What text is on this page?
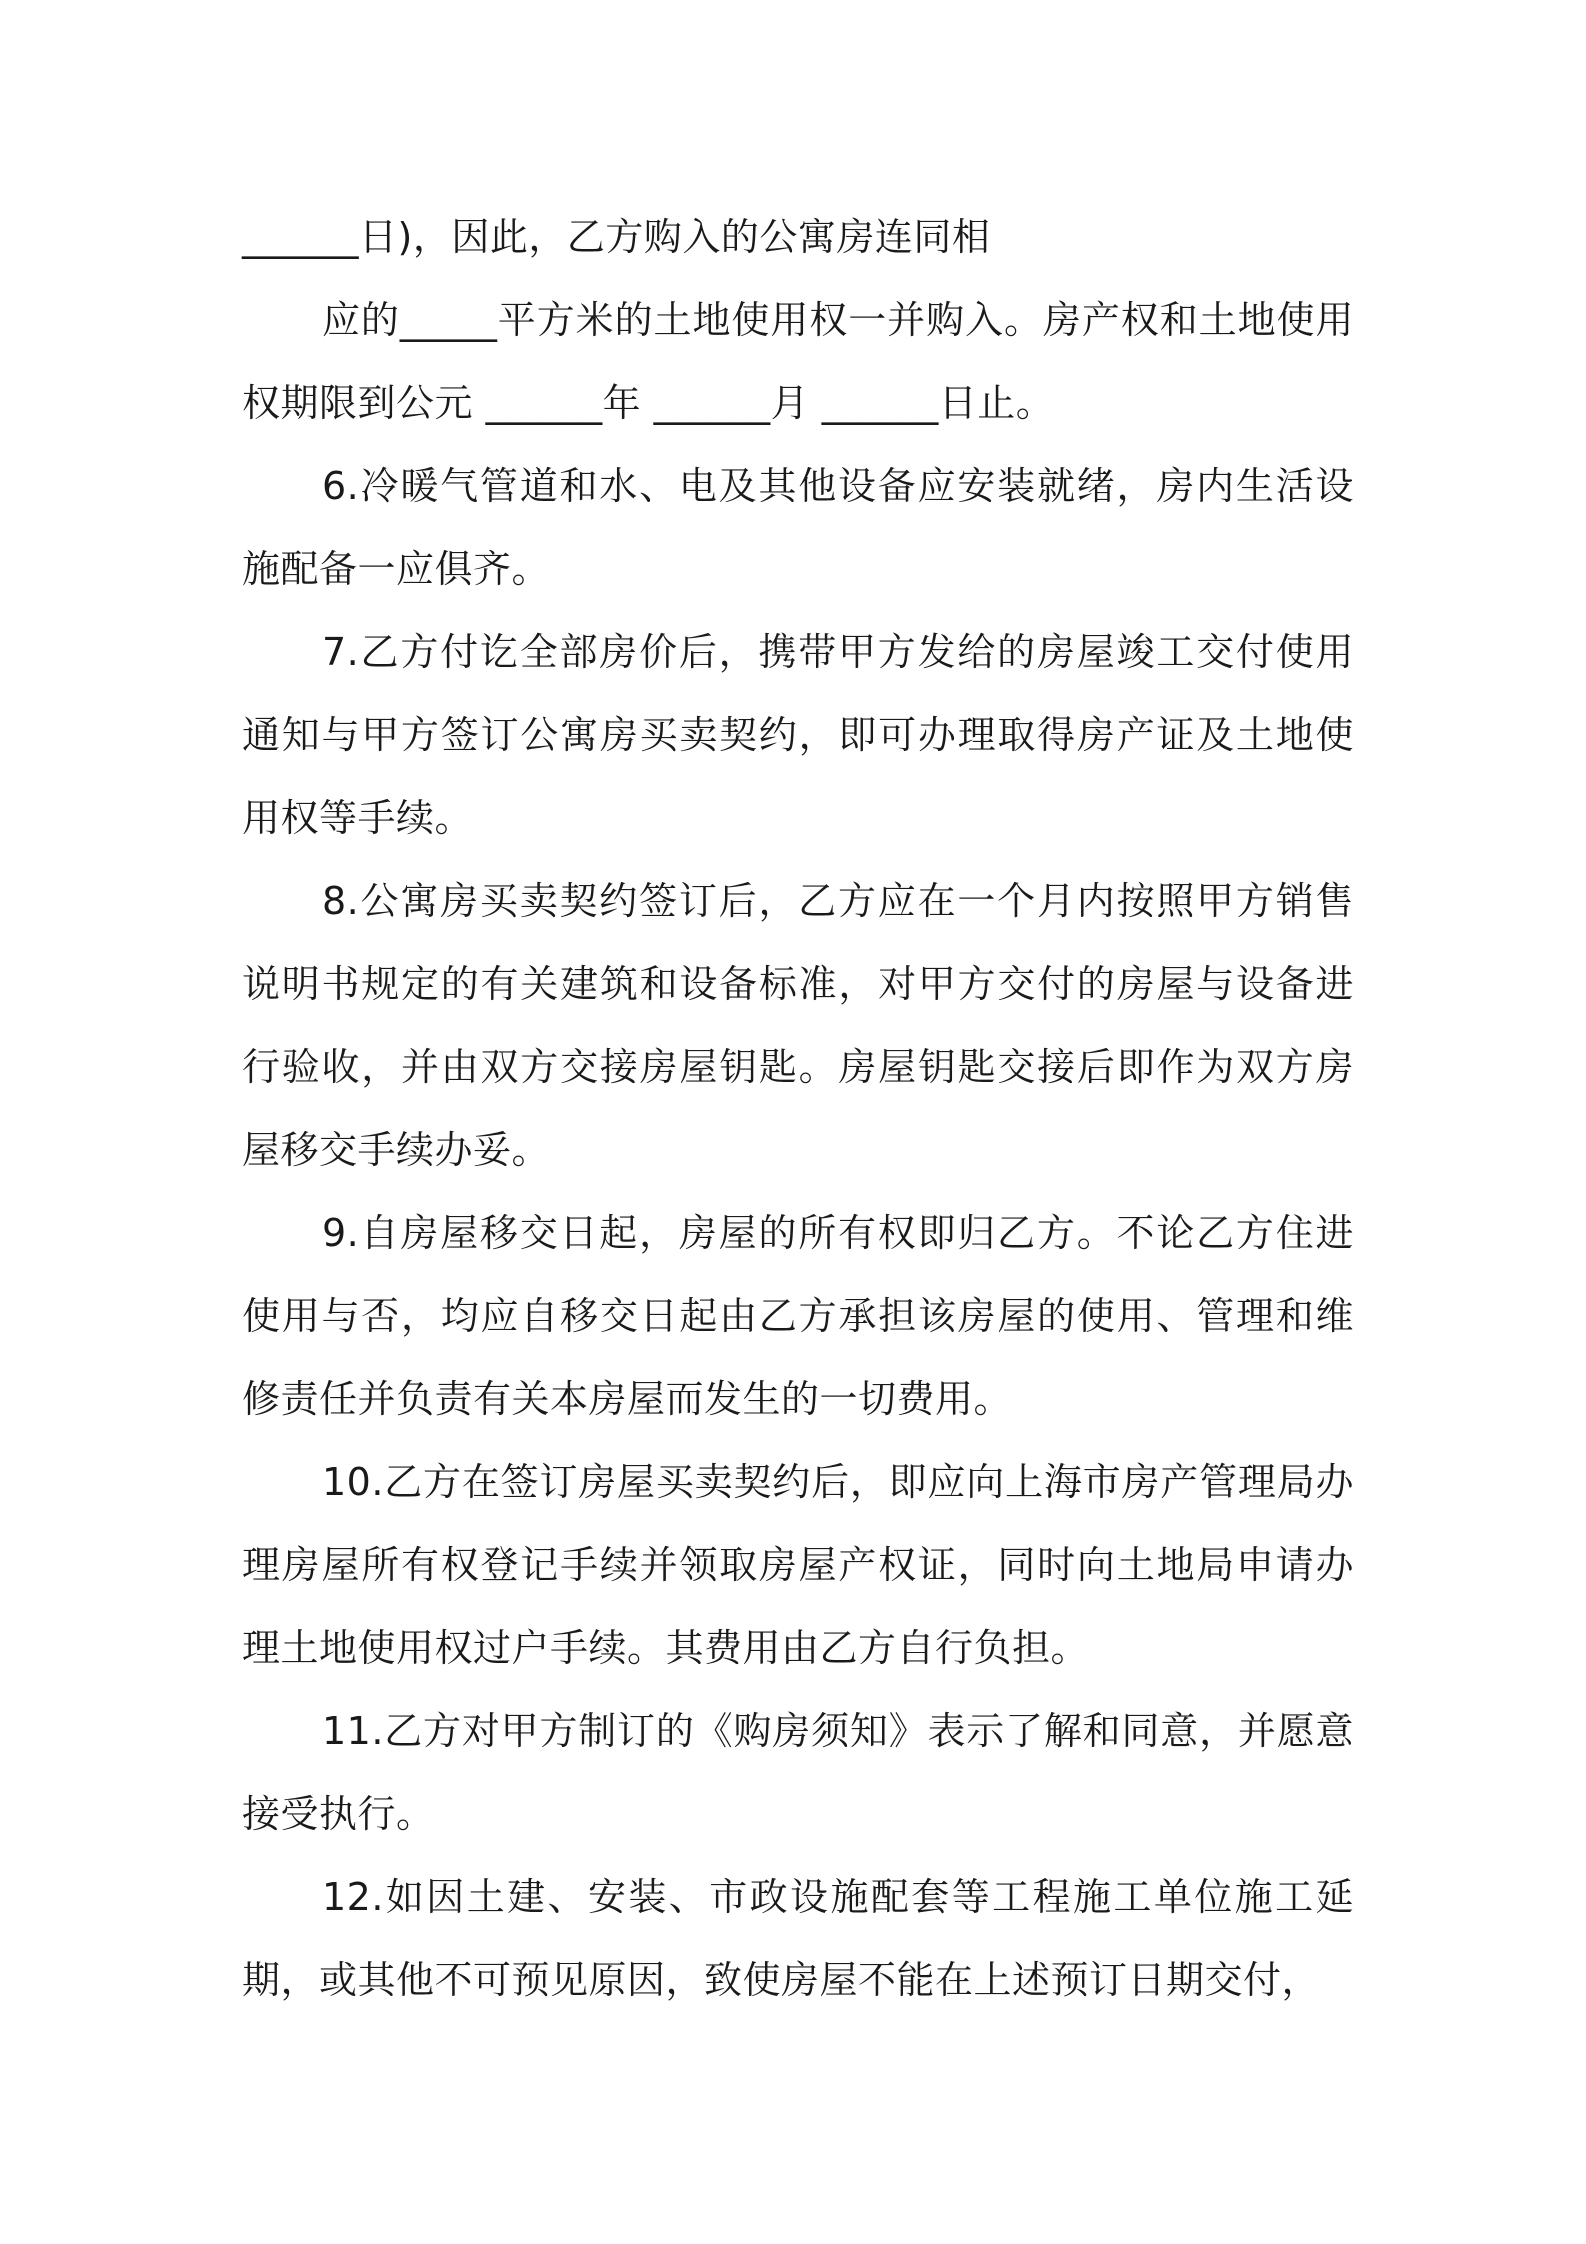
______日)，因此，乙方购入的公寓房连同相

应的_____平方米的土地使用权一并购入。房产权和土地使用权期限到公元 ______年 ______月 ______日止。

6.冷暖气管道和水、电及其他设备应安装就绪，房内生活设施配备一应俱齐。

7.乙方付讫全部房价后，携带甲方发给的房屋竣工交付使用通知与甲方签订公寓房买卖契约，即可办理取得房产证及土地使用权等手续。

8.公寓房买卖契约签订后，乙方应在一个月内按照甲方销售说明书规定的有关建筑和设备标准，对甲方交付的房屋与设备进行验收，并由双方交接房屋钥匙。房屋钥匙交接后即作为双方房屋移交手续办妥。

9.自房屋移交日起，房屋的所有权即归乙方。不论乙方住进使用与否，均应自移交日起由乙方承担该房屋的使用、管理和维修责任并负责有关本房屋而发生的一切费用。

10.乙方在签订房屋买卖契约后，即应向上海市房产管理局办理房屋所有权登记手续并领取房屋产权证，同时向土地局申请办理土地使用权过户手续。其费用由乙方自行负担。

11.乙方对甲方制订的《购房须知》表示了解和同意，并愿意接受执行。

12.如因土建、安装、市政设施配套等工程施工单位施工延期，或其他不可预见原因，致使房屋不能在上述预订日期交付，
